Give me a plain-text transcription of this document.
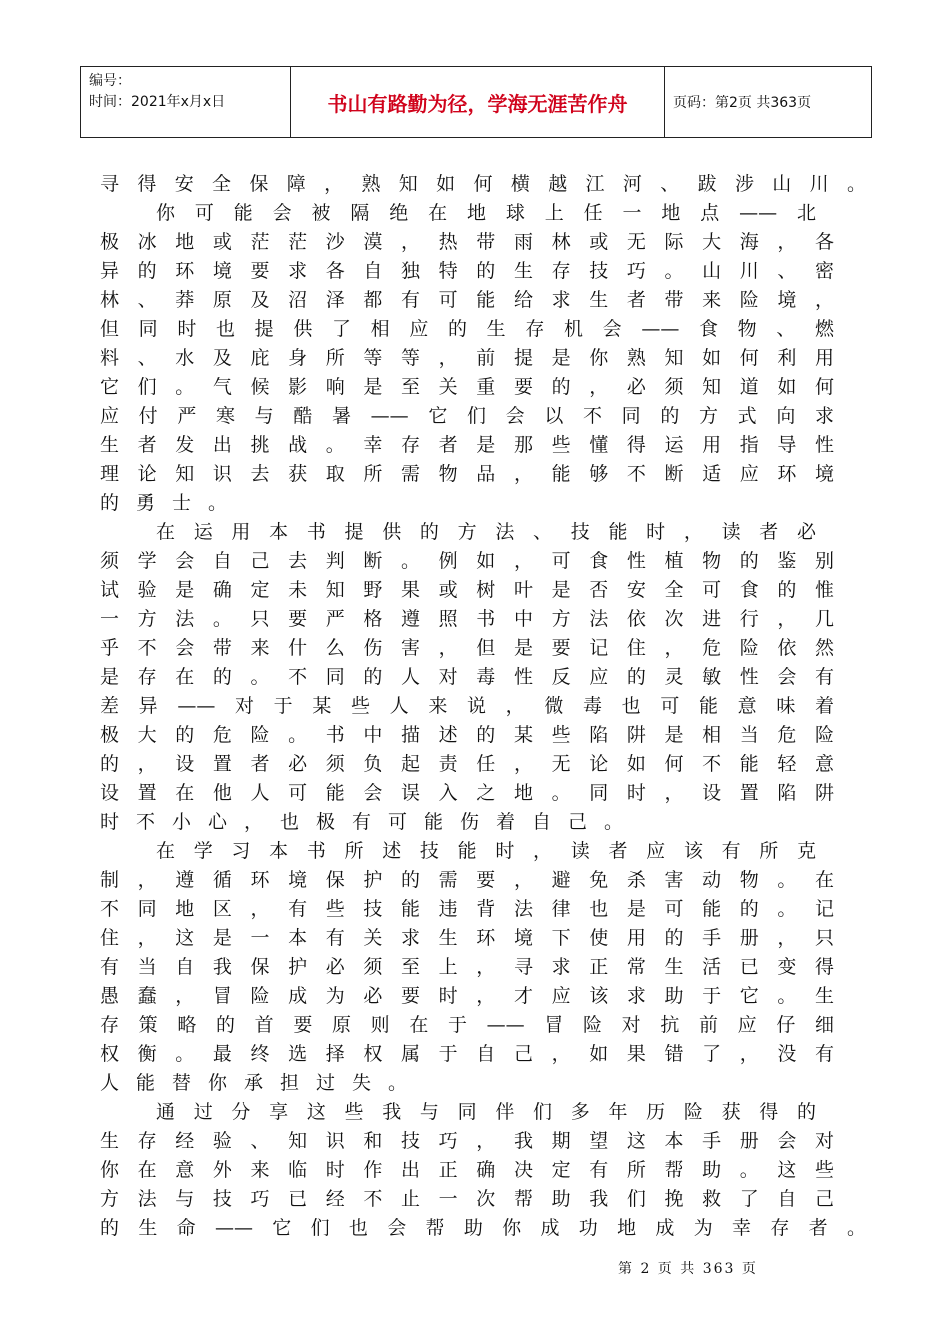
编号：
时间：2021年x月x日	书山有路勤为径，学海无涯苦作舟	页码：第2页 共363页
寻得安全保障，熟知如何横越江河、跋涉山川。
你可能会被隔绝在地球上任一地点——北
极冰地或茫茫沙漠，热带雨林或无际大海，各
异的环境要求各自独特的生存技巧。山川、密
林、莽原及沼泽都有可能给求生者带来险境，
但同时也提供了相应的生存机会——食物、燃
料、水及庇身所等等，前提是你熟知如何利用
它们。气候影响是至关重要的，必须知道如何
应付严寒与酷暑——它们会以不同的方式向求
生者发出挑战。幸存者是那些懂得运用指导性
理论知识去获取所需物品，能够不断适应环境
的勇士。
在运用本书提供的方法、技能时，读者必
须学会自己去判断。例如，可食性植物的鉴别
试验是确定未知野果或树叶是否安全可食的惟
一方法。只要严格遵照书中方法依次进行，几
乎不会带来什么伤害，但是要记住，危险依然
是存在的。不同的人对毒性反应的灵敏性会有
差异——对于某些人来说，微毒也可能意味着
极大的危险。书中描述的某些陷阱是相当危险
的，设置者必须负起责任，无论如何不能轻意
设置在他人可能会误入之地。同时，设置陷阱
时不小心，也极有可能伤着自己。
在学习本书所述技能时，读者应该有所克
制，遵循环境保护的需要，避免杀害动物。在
不同地区，有些技能违背法律也是可能的。记
住，这是一本有关求生环境下使用的手册，只
有当自我保护必须至上，寻求正常生活已变得
愚蠢，冒险成为必要时，才应该求助于它。生
存策略的首要原则在于——冒险对抗前应仔细
权衡。最终选择权属于自己，如果错了，没有
人能替你承担过失。
通过分享这些我与同伴们多年历险获得的
生存经验、知识和技巧，我期望这本手册会对
你在意外来临时作出正确决定有所帮助。这些
方法与技巧已经不止一次帮助我们挽救了自己
的生命——它们也会帮助你成功地成为幸存者。
第 2 页 共 363 页
